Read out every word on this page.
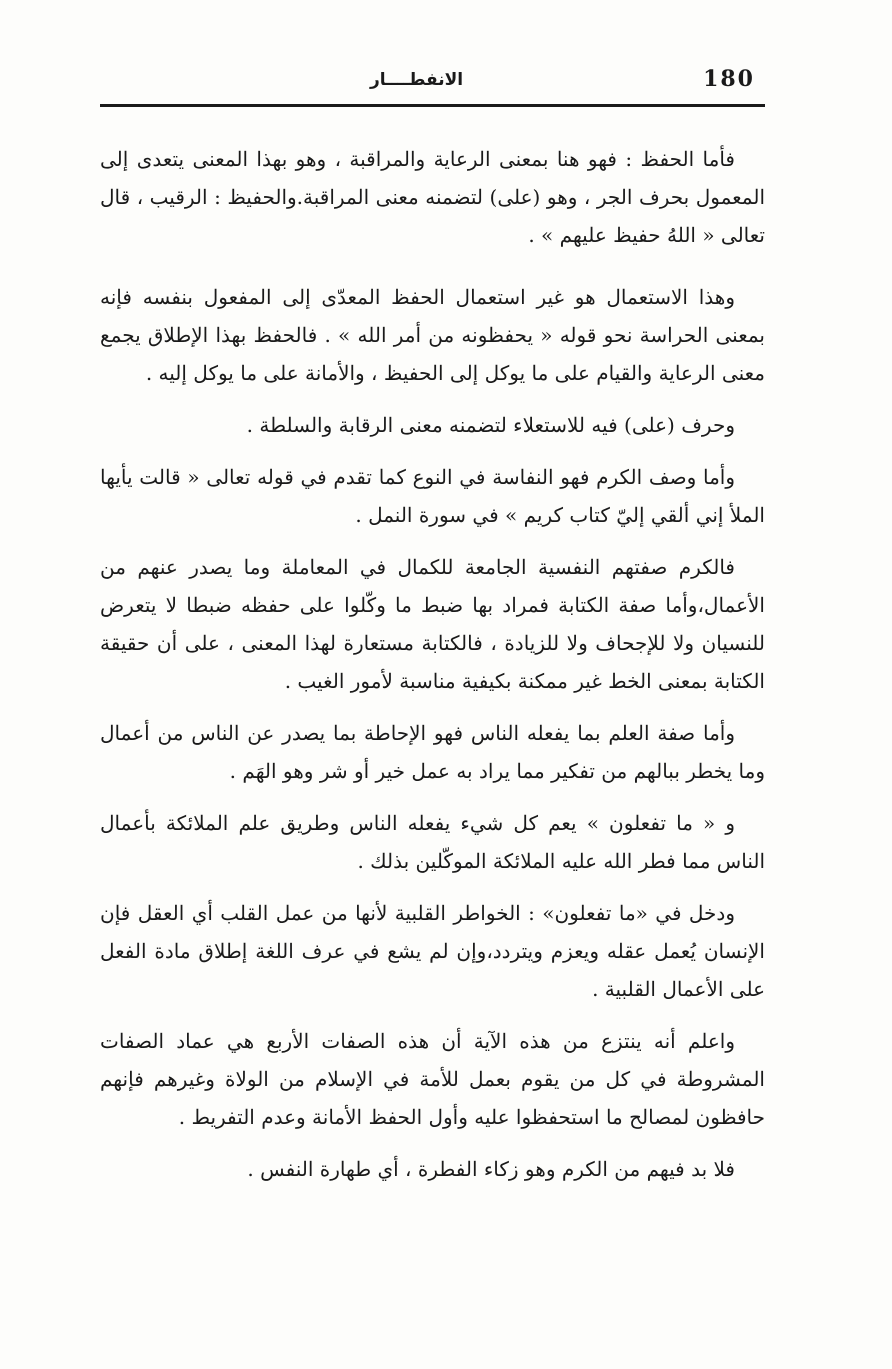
180
الانفطــــار

فأما الحفظ : فهو هنا بمعنى الرعاية والمراقبة ، وهو بهذا المعنى يتعدى إلى المعمول بحرف الجر ، وهو (على) لتضمنه معنى المراقبة.والحفيظ : الرقيب ، قال تعالى « اللهُ حفيظ عليهم » .

وهذا الاستعمال هو غير استعمال الحفظ المعدّى إلى المفعول بنفسه فإنه بمعنى الحراسة نحو قوله « يحفظونه من أمر الله » . فالحفظ بهذا الإطلاق يجمع معنى الرعاية والقيام على ما يوكل إلى الحفيظ ، والأمانة على ما يوكل إليه .

وحرف (على) فيه للاستعلاء لتضمنه معنى الرقابة والسلطة .

وأما وصف الكرم فهو النفاسة في النوع كما تقدم في قوله تعالى « قالت يأيها الملأ إني ألقي إليّ كتاب كريم » في سورة النمل .

فالكرم صفتهم النفسية الجامعة للكمال في المعاملة وما يصدر عنهم من الأعمال،وأما صفة الكتابة فمراد بها ضبط ما وكّلوا على حفظه ضبطا لا يتعرض للنسيان ولا للإجحاف ولا للزيادة ، فالكتابة مستعارة لهذا المعنى ، على أن حقيقة الكتابة بمعنى الخط غير ممكنة بكيفية مناسبة لأمور الغيب .

وأما صفة العلم بما يفعله الناس فهو الإحاطة بما يصدر عن الناس من أعمال وما يخطر ببالهم من تفكير مما يراد به عمل خير أو شر وهو الهَم .

و « ما تفعلون » يعم كل شيء يفعله الناس وطريق علم الملائكة بأعمال الناس مما فطر الله عليه الملائكة الموكّلين بذلك .

ودخل في «ما تفعلون» : الخواطر القلبية لأنها من عمل القلب أي العقل فإن الإنسان يُعمل عقله ويعزم ويتردد،وإن لم يشع في عرف اللغة إطلاق مادة الفعل على الأعمال القلبية .

واعلم أنه ينتزع من هذه الآية أن هذه الصفات الأربع هي عماد الصفات المشروطة في كل من يقوم بعمل للأمة في الإسلام من الولاة وغيرهم فإنهم حافظون لمصالح ما استحفظوا عليه وأول الحفظ الأمانة وعدم التفريط .

فلا بد فيهم من الكرم وهو زكاء الفطرة ، أي طهارة النفس .
